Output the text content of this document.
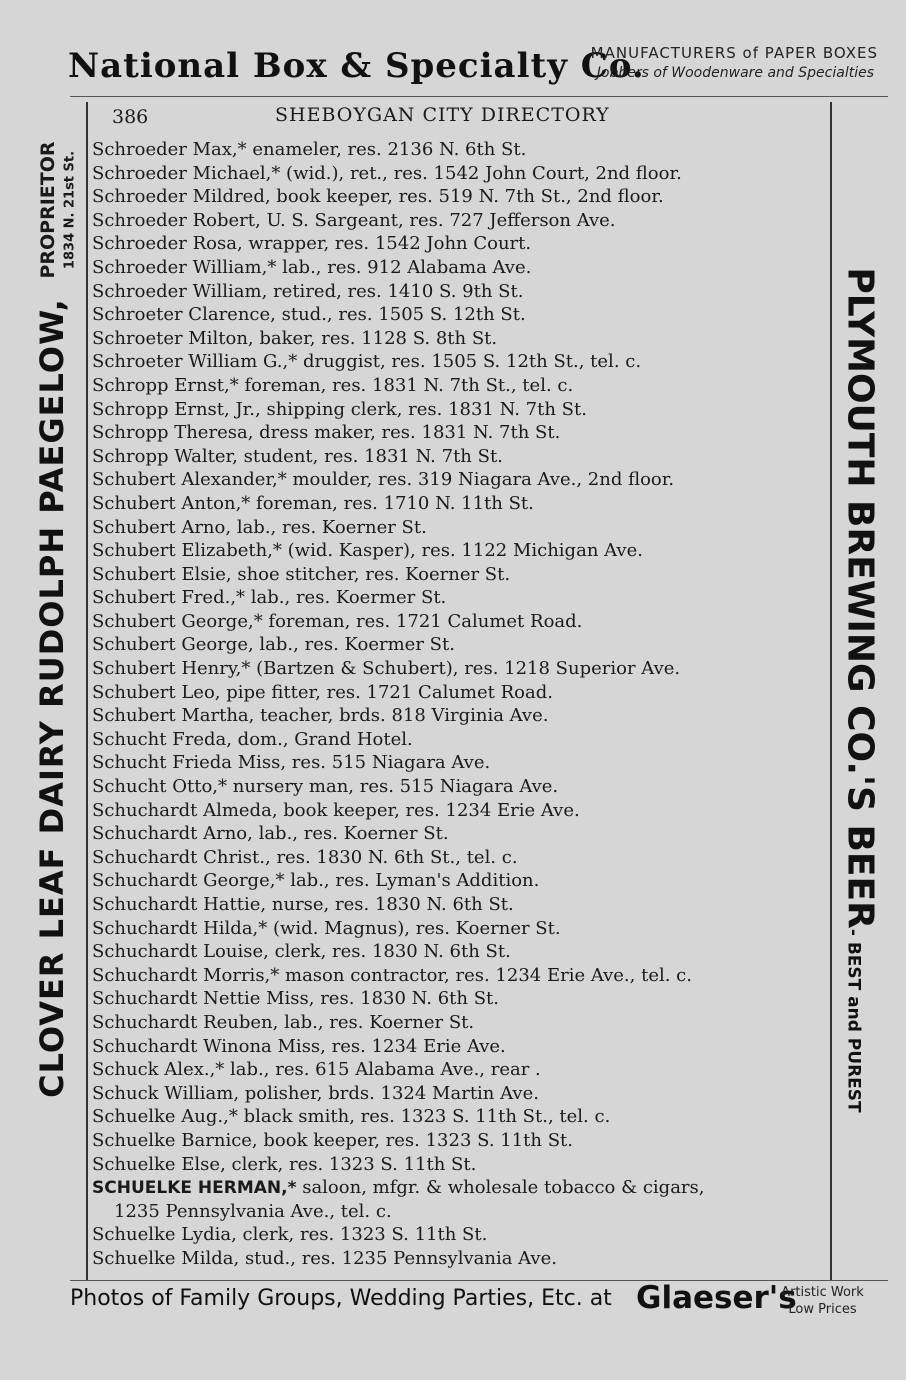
National Box & Specialty Co.
MANUFACTURERS of PAPER BOXES
Jobbers of Woodenware and Specialties
386	SHEBOYGAN CITY DIRECTORY
CLOVER LEAF DAIRY RUDOLPH PAEGELOW,
PROPRIETOR 1834 N. 21st St.
PLYMOUTH BREWING CO.'S BEER- BEST and PUREST
Schroeder Max,* enameler, res. 2136 N. 6th St.
Schroeder Michael,* (wid.), ret., res. 1542 John Court, 2nd floor.
Schroeder Mildred, book keeper, res. 519 N. 7th St., 2nd floor.
Schroeder Robert, U. S. Sargeant, res. 727 Jefferson Ave.
Schroeder Rosa, wrapper, res. 1542 John Court.
Schroeder William,* lab., res. 912 Alabama Ave.
Schroeder William, retired, res. 1410 S. 9th St.
Schroeter Clarence, stud., res. 1505 S. 12th St.
Schroeter Milton, baker, res. 1128 S. 8th St.
Schroeter William G.,* druggist, res. 1505 S. 12th St., tel. c.
Schropp Ernst,* foreman, res. 1831 N. 7th St., tel. c.
Schropp Ernst, Jr., shipping clerk, res. 1831 N. 7th St.
Schropp Theresa, dress maker, res. 1831 N. 7th St.
Schropp Walter, student, res. 1831 N. 7th St.
Schubert Alexander,* moulder, res. 319 Niagara Ave., 2nd floor.
Schubert Anton,* foreman, res. 1710 N. 11th St.
Schubert Arno, lab., res. Koerner St.
Schubert Elizabeth,* (wid. Kasper), res. 1122 Michigan Ave.
Schubert Elsie, shoe stitcher, res. Koerner St.
Schubert Fred.,* lab., res. Koermer St.
Schubert George,* foreman, res. 1721 Calumet Road.
Schubert George, lab., res. Koermer St.
Schubert Henry,* (Bartzen & Schubert), res. 1218 Superior Ave.
Schubert Leo, pipe fitter, res. 1721 Calumet Road.
Schubert Martha, teacher, brds. 818 Virginia Ave.
Schucht Freda, dom., Grand Hotel.
Schucht Frieda Miss, res. 515 Niagara Ave.
Schucht Otto,* nursery man, res. 515 Niagara Ave.
Schuchardt Almeda, book keeper, res. 1234 Erie Ave.
Schuchardt Arno, lab., res. Koerner St.
Schuchardt Christ., res. 1830 N. 6th St., tel. c.
Schuchardt George,* lab., res. Lyman's Addition.
Schuchardt Hattie, nurse, res. 1830 N. 6th St.
Schuchardt Hilda,* (wid. Magnus), res. Koerner St.
Schuchardt Louise, clerk, res. 1830 N. 6th St.
Schuchardt Morris,* mason contractor, res. 1234 Erie Ave., tel. c.
Schuchardt Nettie Miss, res. 1830 N. 6th St.
Schuchardt Reuben, lab., res. Koerner St.
Schuchardt Winona Miss, res. 1234 Erie Ave.
Schuck Alex.,* lab., res. 615 Alabama Ave., rear .
Schuck William, polisher, brds. 1324 Martin Ave.
Schuelke Aug.,* black smith, res. 1323 S. 11th St., tel. c.
Schuelke Barnice, book keeper, res. 1323 S. 11th St.
Schuelke Else, clerk, res. 1323 S. 11th St.
SCHUELKE HERMAN,* saloon, mfgr. & wholesale tobacco & cigars,
1235 Pennsylvania Ave., tel. c.
Schuelke Lydia, clerk, res. 1323 S. 11th St.
Schuelke Milda, stud., res. 1235 Pennsylvania Ave.
Photos of Family Groups, Wedding Parties, Etc. at Glaeser's
Artistic Work
Low Prices
